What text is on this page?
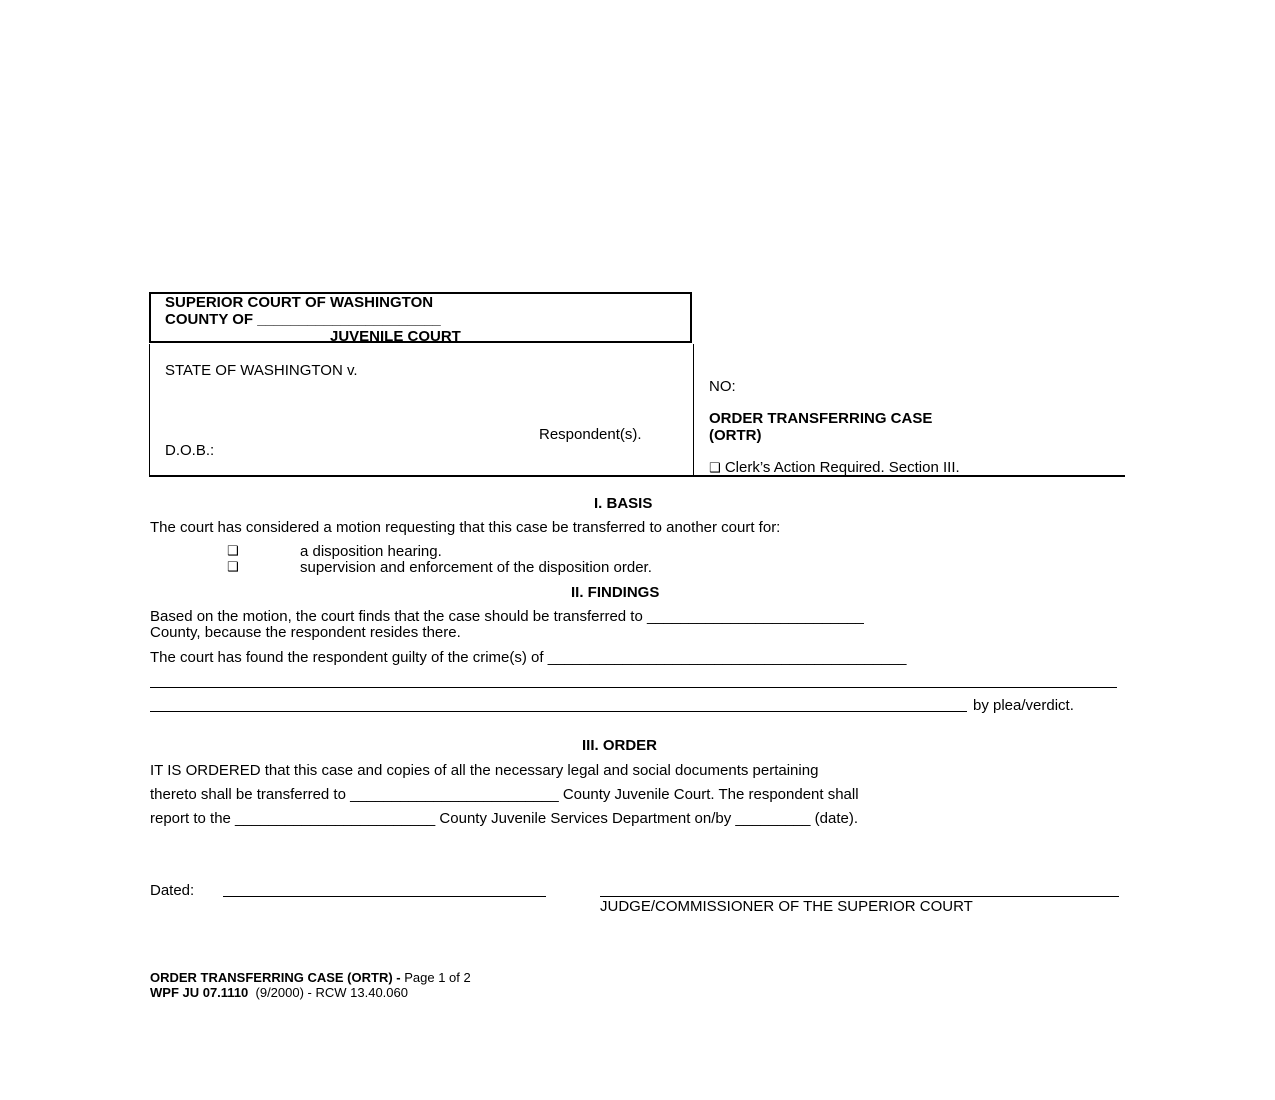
SUPERIOR COURT OF WASHINGTON
COUNTY OF ______________________
JUVENILE COURT
STATE OF WASHINGTON v.
Respondent(s).
D.O.B.:
NO:
ORDER TRANSFERRING CASE
(ORTR)
❑ Clerk’s Action Required. Section III.
I. BASIS
The court has considered a motion requesting that this case be transferred to another court for:
❑	a disposition hearing.
❑	supervision and enforcement of the disposition order.
II. FINDINGS
Based on the motion, the court finds that the case should be transferred to __________________________
County, because the respondent resides there.
The court has found the respondent guilty of the crime(s) of ___________________________________________
by plea/verdict.
III. ORDER
IT IS ORDERED that this case and copies of all the necessary legal and social documents pertaining
thereto shall be transferred to _________________________ County Juvenile Court. The respondent shall
report to the ________________________ County Juvenile Services Department on/by _________ (date).
Dated:
JUDGE/COMMISSIONER OF THE SUPERIOR COURT
ORDER TRANSFERRING CASE (ORTR) - Page 1 of 2
WPF JU 07.1110  (9/2000) - RCW 13.40.060
